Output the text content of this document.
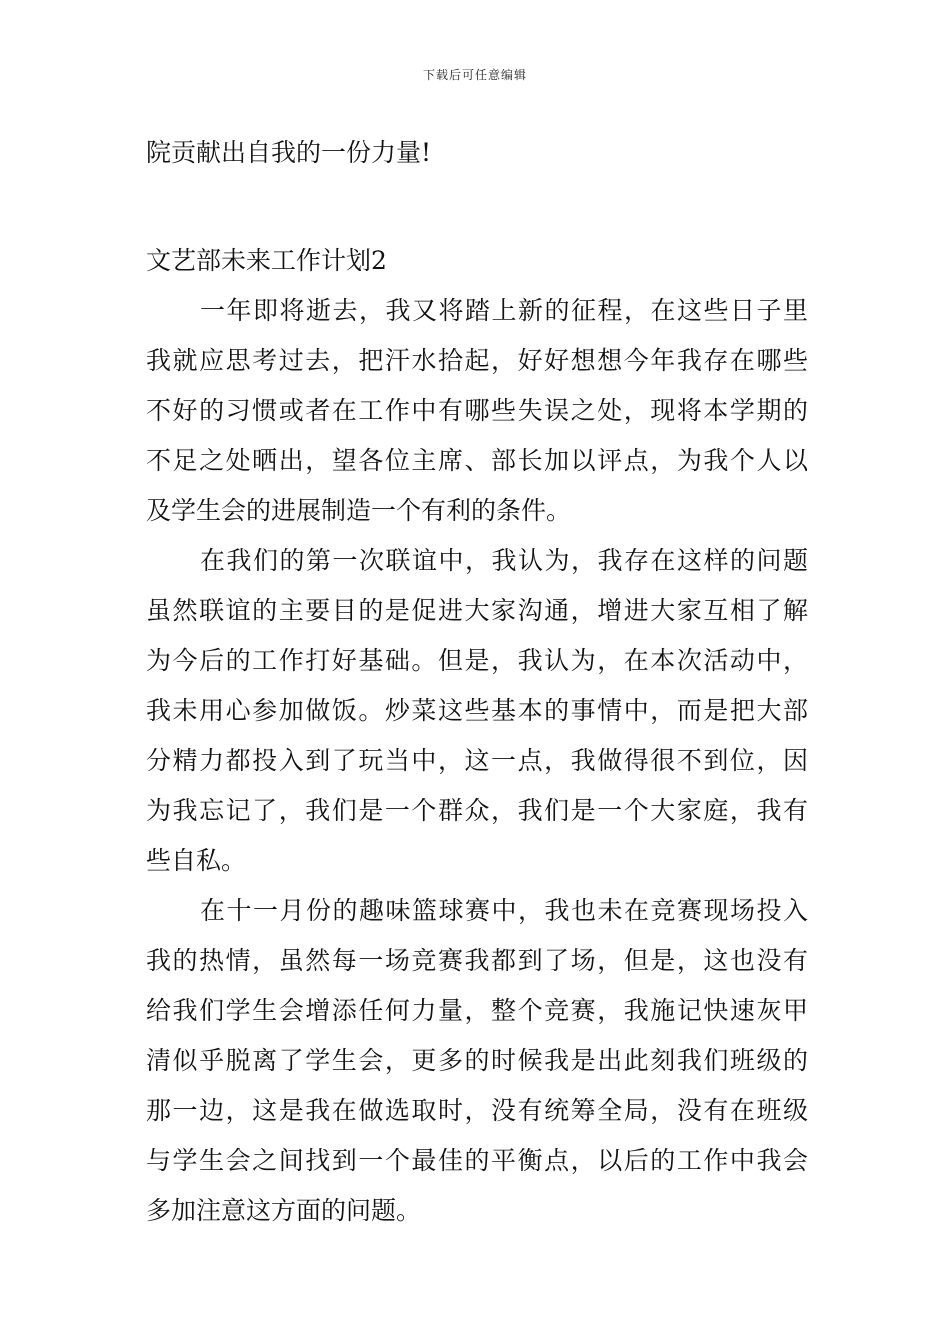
下载后可任意编辑
院贡献出自我的一份力量!
文艺部未来工作计划2
一年即将逝去，我又将踏上新的征程，在这些日子里
我就应思考过去，把汗水拾起，好好想想今年我存在哪些
不好的习惯或者在工作中有哪些失误之处，现将本学期的
不足之处晒出，望各位主席、部长加以评点，为我个人以
及学生会的进展制造一个有利的条件。
在我们的第一次联谊中，我认为，我存在这样的问题
虽然联谊的主要目的是促进大家沟通，增进大家互相了解
为今后的工作打好基础。但是，我认为，在本次活动中，
我未用心参加做饭。炒菜这些基本的事情中，而是把大部
分精力都投入到了玩当中，这一点，我做得很不到位，因
为我忘记了，我们是一个群众，我们是一个大家庭，我有
些自私。
在十一月份的趣味篮球赛中，我也未在竞赛现场投入
我的热情，虽然每一场竞赛我都到了场，但是，这也没有
给我们学生会增添任何力量，整个竞赛，我施记快速灰甲
清似乎脱离了学生会，更多的时候我是出此刻我们班级的
那一边，这是我在做选取时，没有统筹全局，没有在班级
与学生会之间找到一个最佳的平衡点，以后的工作中我会
多加注意这方面的问题。
